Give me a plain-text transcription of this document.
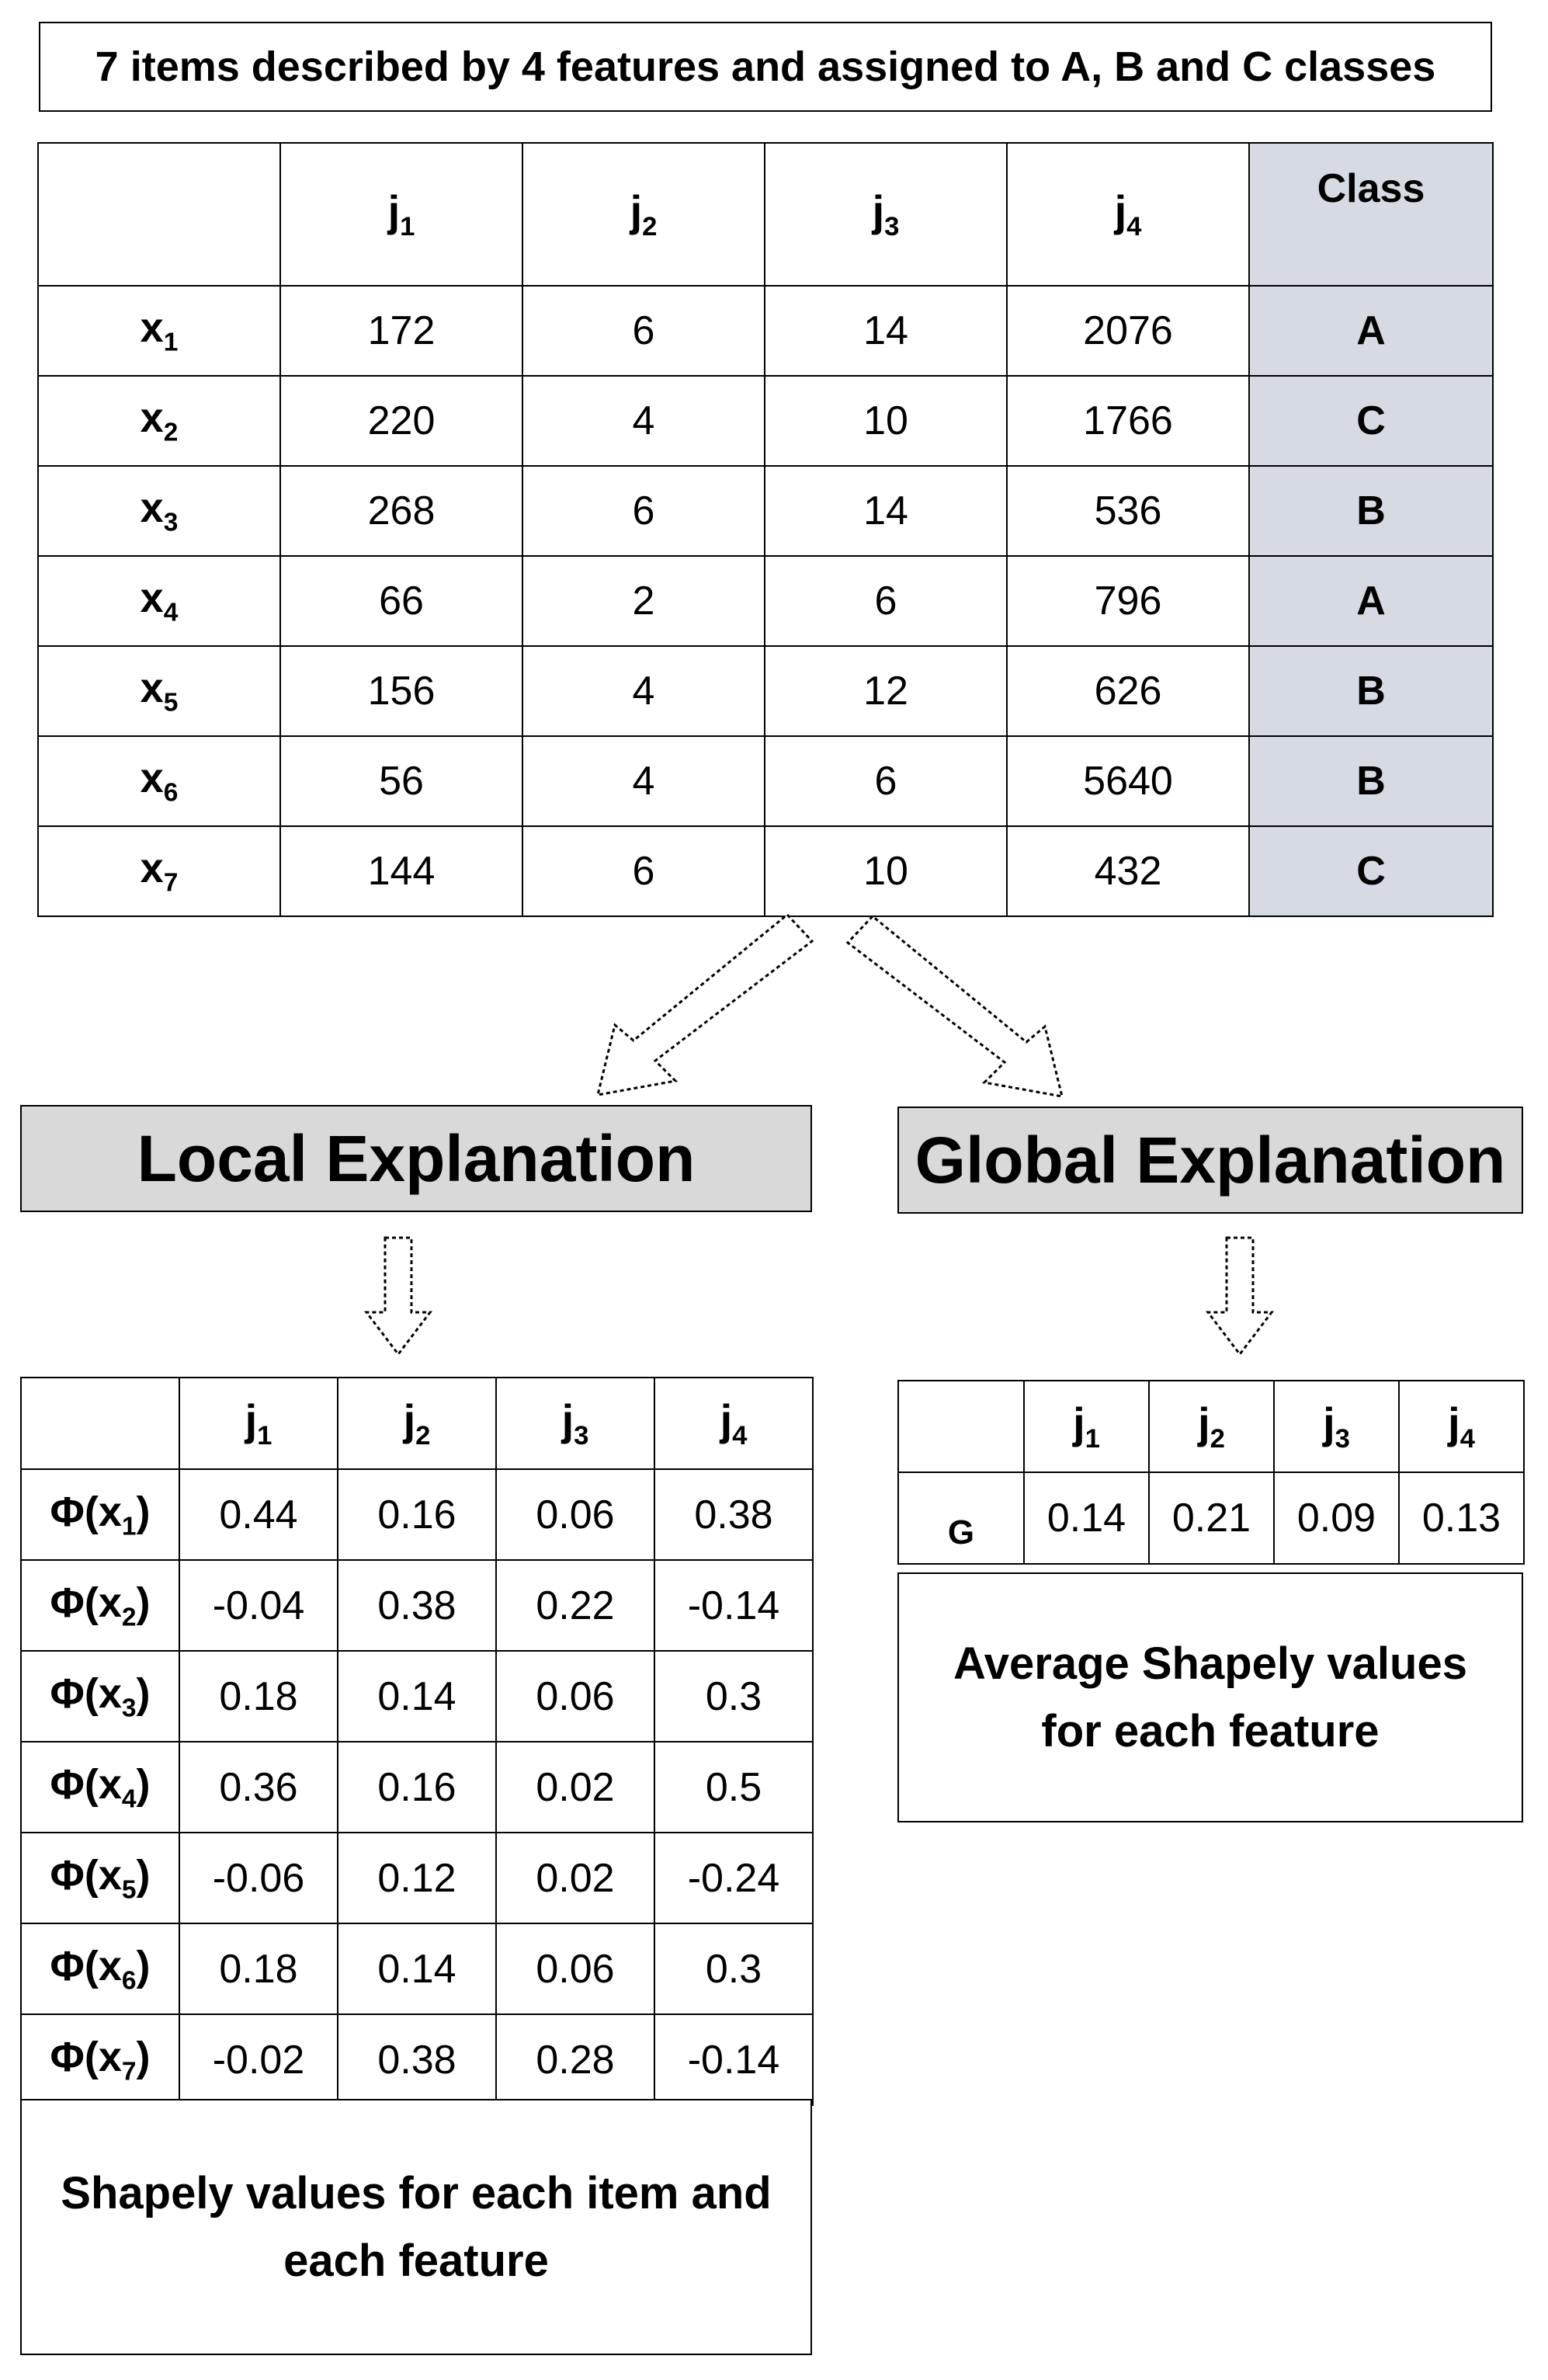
7 items described by 4 features and assigned to A, B and C classes
	$j_1$	$j_2$	$j_3$	$j_4$	Class
$x_1$	172	6	14	2076	A
$x_2$	220	4	10	1766	C
$x_3$	268	6	14	536	B
$x_4$	66	2	6	796	A
$x_5$	156	4	12	626	B
$x_6$	56	4	6	5640	B
$x_7$	144	6	10	432	C
Local Explanation	Global Explanation
	$j_1$	$j_2$	$j_3$	$j_4$
$\Phi(x_1)$	0.44	0.16	0.06	0.38
$\Phi(x_2)$	-0.04	0.38	0.22	-0.14
$\Phi(x_3)$	0.18	0.14	0.06	0.3
$\Phi(x_4)$	0.36	0.16	0.02	0.5
$\Phi(x_5)$	-0.06	0.12	0.02	-0.24
$\Phi(x_6)$	0.18	0.14	0.06	0.3
$\Phi(x_7)$	-0.02	0.38	0.28	-0.14
Shapely values for each item and each feature
	$j_1$	$j_2$	$j_3$	$j_4$
G	0.14	0.21	0.09	0.13
Average Shapely values for each feature
